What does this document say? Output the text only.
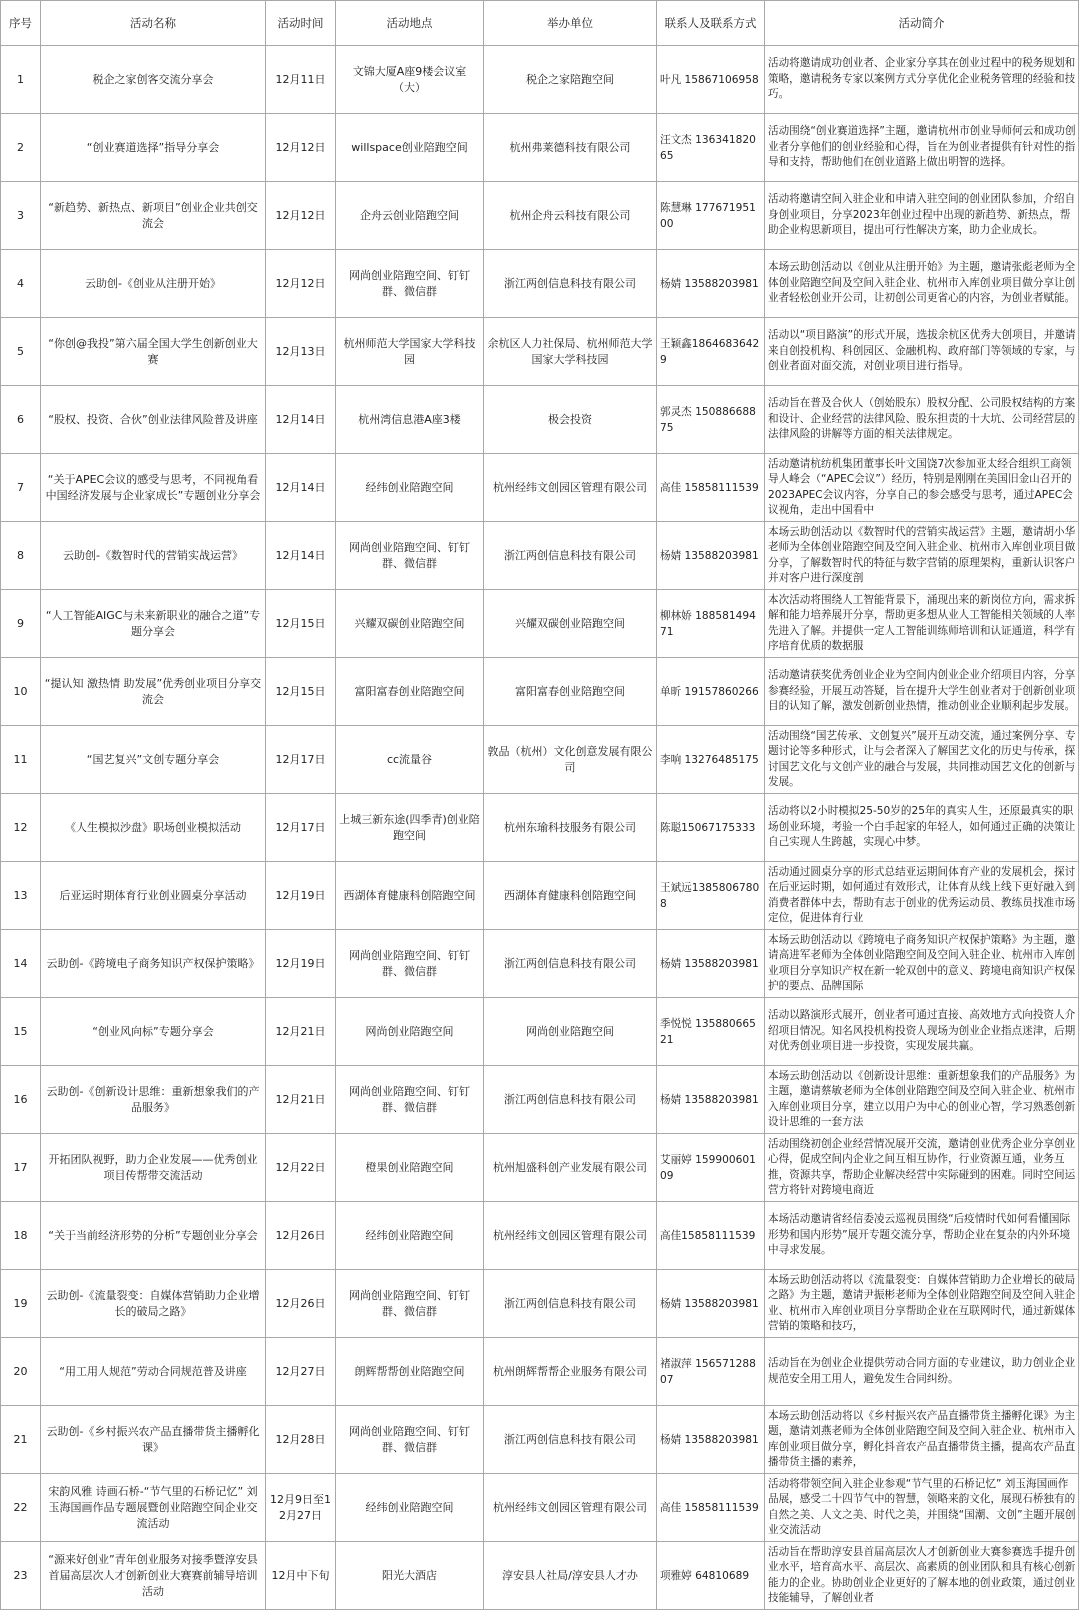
序号	活动名称	活动时间	活动地点	举办单位	联系人及联系方式	活动简介
1	税企之家创客交流分享会	12月11日	文锦大厦A座9楼会议室（大）	税企之家陪跑空间	叶凡 15867106958	活动将邀请成功创业者、企业家分享其在创业过程中的税务规划和策略，邀请税务专家以案例方式分享优化企业税务管理的经验和技巧。

2	“创业赛道选择”指导分享会	12月12日	willspace创业陪跑空间	杭州弗莱德科技有限公司	汪文杰 13634182065	活动围绕“创业赛道选择”主题，邀请杭州市创业导师何云和成功创业者分享他们的创业经验和心得，旨在为创业者提供有针对性的指导和支持，帮助他们在创业道路上做出明智的选择。

3	“新趋势、新热点、新项目”创业企业共创交流会	12月12日	企舟云创业陪跑空间	杭州企舟云科技有限公司	陈慧琳 17767195100	活动将邀请空间入驻企业和申请入驻空间的创业团队参加，介绍自身创业项目，分享2023年创业过程中出现的新趋势、新热点，帮助企业构思新项目，提出可行性解决方案，助力企业成长。

4	云助创-《创业从注册开始》	12月12日	网尚创业陪跑空间、钉钉群、微信群	浙江两创信息科技有限公司	杨婧 13588203981	本场云助创活动以《创业从注册开始》为主题，邀请张彪老师为全体创业陪跑空间及空间入驻企业、杭州市入库创业项目做分享让创业者轻松创业开公司，让初创公司更省心的内容，为创业者赋能。

5	“你创@我投”第六届全国大学生创新创业大赛	12月13日	杭州师范大学国家大学科技园	余杭区人力社保局、杭州师范大学国家大学科技园	王颖鑫18646836429	活动以“项目路演”的形式开展，选拔余杭区优秀大创项目，并邀请来自创投机构、科创园区、金融机构、政府部门等领域的专家，与创业者面对面交流，对创业项目进行指导。

6	“股权、投资、合伙”创业法律风险普及讲座	12月14日	杭州湾信息港A座3楼	极会投资	郭灵杰 15088668875	活动旨在普及合伙人（创始股东）股权分配、公司股权结构的方案和设计、企业经营的法律风险、股东担责的十大坑、公司经营层的法律风险的讲解等方面的相关法律规定。

7	“关于APEC会议的感受与思考，不同视角看中国经济发展与企业家成长”专题创业分享会	12月14日	经纬创业陪跑空间	杭州经纬文创园区管理有限公司	高佳 15858111539	活动邀请杭纺机集团董事长叶文国饶7次参加亚太经合组织工商领导人峰会（“APEC会议”）经历，特别是刚刚在美国旧金山召开的2023APEC会议内容，分享自己的参会感受与思考，通过APEC会议视角，走出中国看中

8	云助创-《数智时代的营销实战运营》	12月14日	网尚创业陪跑空间、钉钉群、微信群	浙江两创信息科技有限公司	杨婧 13588203981	本场云助创活动以《数智时代的营销实战运营》主题，邀请胡小华老师为全体创业陪跑空间及空间入驻企业、杭州市入库创业项目做分享，了解数智时代的特征与数字营销的原理架构，重新认识客户并对客户进行深度剖

9	“人工智能AIGC与未来新职业的融合之道”专题分享会	12月15日	兴耀双碳创业陪跑空间	兴耀双碳创业陪跑空间	柳林娇 18858149471	本次活动将围绕人工智能背景下，涌现出来的新岗位方向，需求拆解和能力培养展开分享，帮助更多想从业人工智能相关领域的人率先进入了解。并提供一定人工智能训练师培训和认证通道，科学有序培育优质的数据服

10	“提认知 激热情 助发展”优秀创业项目分享交流会	12月15日	富阳富春创业陪跑空间	富阳富春创业陪跑空间	单昕 19157860266	活动邀请获奖优秀创业企业为空间内创业企业介绍项目内容，分享参赛经验，开展互动答疑，旨在提升大学生创业者对于创新创业项目的认知了解，激发创新创业热情，推动创业企业顺利起步发展。

11	“国艺复兴”文创专题分享会	12月17日	cc流量谷	敦品（杭州）文化创意发展有限公司	李响 13276485175	活动围绕“国艺传承、文创复兴”展开互动交流，通过案例分享、专题讨论等多种形式，让与会者深入了解国艺文化的历史与传承，探讨国艺文化与文创产业的融合与发展，共同推动国艺文化的创新与发展。

12	《人生模拟沙盘》职场创业模拟活动	12月17日	上城三新东途(四季青)创业陪跑空间	杭州东瑜科技服务有限公司	陈聪15067175333	活动将以2小时模拟25-50岁的25年的真实人生，还原最真实的职场创业环境，考验一个白手起家的年轻人，如何通过正确的决策让自己实现人生跨越，实现心中梦。

13	后亚运时期体育行业创业圆桌分享活动	12月19日	西湖体育健康科创陪跑空间	西湖体育健康科创陪跑空间	王斌远13858067808	活动通过圆桌分享的形式总结亚运期间体育产业的发展机会，探讨在后亚运时期，如何通过有效形式，让体育从线上线下更好融入到消费者群体中去，帮助有志于创业的优秀运动员、教练员找准市场定位，促进体育行业

14	云助创-《跨境电子商务知识产权保护策略》	12月19日	网尚创业陪跑空间、钉钉群、微信群	浙江两创信息科技有限公司	杨婧 13588203981	本场云助创活动以《跨境电子商务知识产权保护策略》为主题，邀请高进军老师为全体创业陪跑空间及空间入驻企业、杭州市入库创业项目分享知识产权在新一轮双创中的意义、跨境电商知识产权保护的要点、品牌国际

15	“创业风向标”专题分享会	12月21日	网尚创业陪跑空间	网尚创业陪跑空间	季悦悦 13588066521	活动以路演形式展开，创业者可通过直接、高效地方式向投资人介绍项目情况。知名风投机构投资人现场为创业企业指点迷津，后期对优秀创业项目进一步投资，实现发展共赢。

16	云助创-《创新设计思维：重新想象我们的产品服务》	12月21日	网尚创业陪跑空间、钉钉群、微信群	浙江两创信息科技有限公司	杨婧 13588203981	本场云助创活动以《创新设计思维：重新想象我们的产品服务》为主题，邀请蔡敏老师为全体创业陪跑空间及空间入驻企业、杭州市入库创业项目分享，建立以用户为中心的创业心智，学习熟悉创新设计思维的一套方法

17	开拓团队视野，助力企业发展——优秀创业项目传帮带交流活动	12月22日	橙果创业陪跑空间	杭州旭盛科创产业发展有限公司	艾丽婷 15990060109	活动围绕初创企业经营情况展开交流，邀请创业优秀企业分享创业心得，促成空间内企业之间互相互协作，行业资源互通，业务互推，资源共享，帮助企业解决经营中实际碰到的困难。同时空间运营方将针对跨境电商近

18	“关于当前经济形势的分析”专题创业分享会	12月26日	经纬创业陪跑空间	杭州经纬文创园区管理有限公司	高佳15858111539	本场活动邀请省经信委凌云巡视员围绕“后疫情时代如何看懂国际形势和国内形势”展开专题交流分享，帮助企业在复杂的内外环境中寻求发展。

19	云助创-《流量裂变：自媒体营销助力企业增长的破局之路》	12月26日	网尚创业陪跑空间、钉钉群、微信群	浙江两创信息科技有限公司	杨婧 13588203981	本场云助创活动将以《流量裂变：自媒体营销助力企业增长的破局之路》为主题，邀请尹振彬老师为全体创业陪跑空间及空间入驻企业、杭州市入库创业项目分享帮助企业在互联网时代，通过新媒体营销的策略和技巧，

20	“用工用人规范”劳动合同规范普及讲座	12月27日	朗辉帮帮创业陪跑空间	杭州朗辉帮帮企业服务有限公司	褚淑萍 15657128807	活动旨在为创业企业提供劳动合同方面的专业建议，助力创业企业规范安全用工用人，避免发生合同纠纷。

21	云助创-《乡村振兴农产品直播带货主播孵化课》	12月28日	网尚创业陪跑空间、钉钉群、微信群	浙江两创信息科技有限公司	杨婧 13588203981	本场云助创活动将以《乡村振兴农产品直播带货主播孵化课》为主题，邀请刘燕老师为全体创业陪跑空间及空间入驻企业、杭州市入库创业项目做分享，孵化抖音农产品直播带货主播，提高农产品直播带货主播的素养，

22	宋韵风雅 诗画石桥-“节气里的石桥记忆” 刘玉海国画作品专题展暨创业陪跑空间企业交流活动	12月9日至12月27日	经纬创业陪跑空间	杭州经纬文创园区管理有限公司	高佳 15858111539	活动将带领空间入驻企业参观“节气里的石桥记忆” 刘玉海国画作品展，感受二十四节气中的智慧，领略来韵文化，展现石桥独有的自然之美、人文之美、时代之美，并围绕“国潮、文创”主题开展创业交流活动

23	“源来好创业”青年创业服务对接季暨淳安县首届高层次人才创新创业大赛赛前辅导培训活动	12月中下旬	阳光大酒店	淳安县人社局/淳安县人才办	项雅婷 64810689	活动旨在帮助淳安县首届高层次人才创新创业大赛参赛选手提升创业水平，培育高水平、高层次、高素质的创业团队和具有核心创新能力的企业。协助创业企业更好的了解本地的创业政策，通过创业技能辅导，了解创业者
